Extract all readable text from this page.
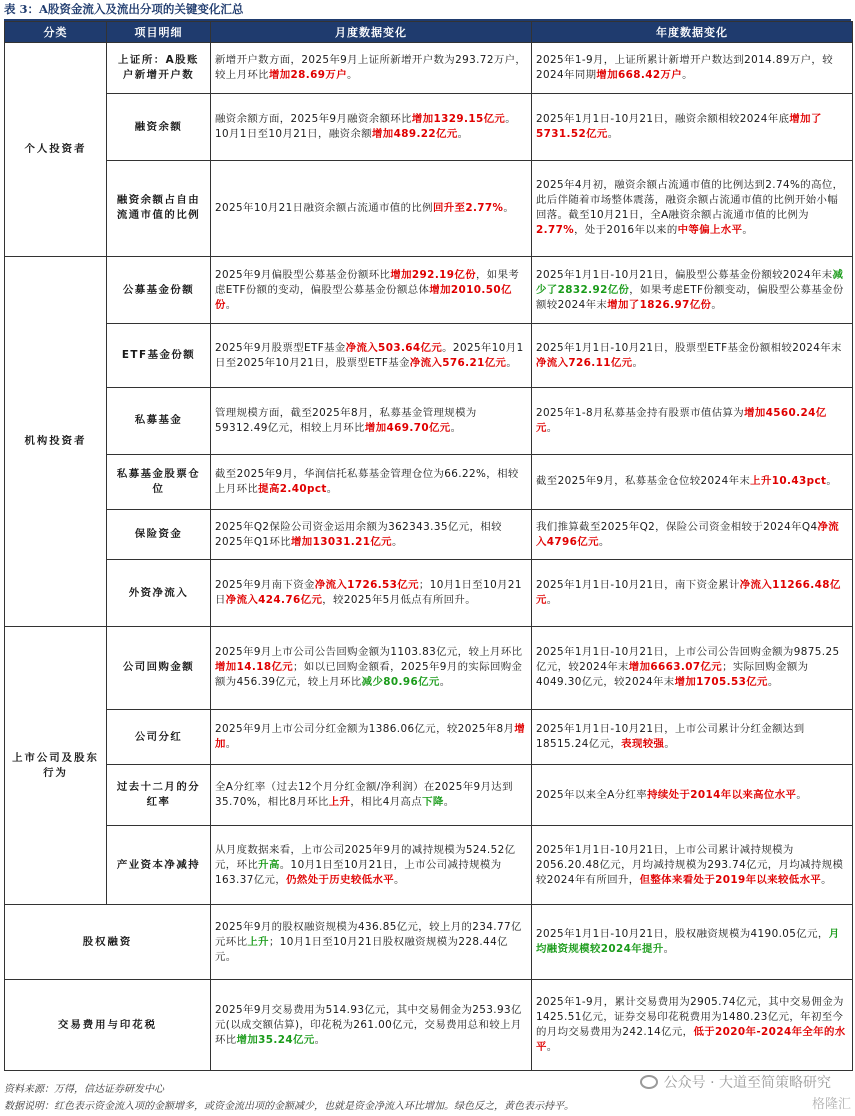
表 3：A股资金流入及流出分项的关键变化汇总
分类	项目明细	月度数据变化	年度数据变化
个人投资者	上证所：A股账户新增开户数	新增开户数方面，2025年9月上证所新增开户数为293.72万户，较上月环比增加28.69万户。	2025年1-9月，上证所累计新增开户数达到2014.89万户，较2024年同期增加668.42万户。
	融资余额	融资余额方面，2025年9月融资余额环比增加1329.15亿元。10月1日至10月21日，融资余额增加489.22亿元。	2025年1月1日-10月21日，融资余额相较2024年底增加了5731.52亿元。
	融资余额占自由流通市值的比例	2025年10月21日融资余额占流通市值的比例回升至2.77%。	2025年4月初，融资余额占流通市值的比例达到2.74%的高位，此后伴随着市场整体震荡，融资余额占流通市值的比例开始小幅回落。截至10月21日，全A融资余额占流通市值的比例为2.77%，处于2016年以来的中等偏上水平。
机构投资者	公募基金份额	2025年9月偏股型公募基金份额环比增加292.19亿份，如果考虑ETF份额的变动，偏股型公募基金份额总体增加2010.50亿份。	2025年1月1日-10月21日，偏股型公募基金份额较2024年末减少了2832.92亿份，如果考虑ETF份额变动，偏股型公募基金份额较2024年末增加了1826.97亿份。
	ETF基金份额	2025年9月股票型ETF基金净流入503.64亿元。2025年10月1日至2025年10月21日，股票型ETF基金净流入576.21亿元。	2025年1月1日-10月21日，股票型ETF基金份额相较2024年末净流入726.11亿元。
	私募基金	管理规模方面，截至2025年8月，私募基金管理规模为59312.49亿元，相较上月环比增加469.70亿元。	2025年1-8月私募基金持有股票市值估算为增加4560.24亿元。
	私募基金股票仓位	截至2025年9月，华润信托私募基金管理仓位为66.22%，相较上月环比提高2.40pct。	截至2025年9月，私募基金仓位较2024年末上升10.43pct。
	保险资金	2025年Q2保险公司资金运用余额为362343.35亿元，相较2025年Q1环比增加13031.21亿元。	我们推算截至2025年Q2，保险公司资金相较于2024年Q4净流入4796亿元。
	外资净流入	2025年9月南下资金净流入1726.53亿元；10月1日至10月21日净流入424.76亿元，较2025年5月低点有所回升。	2025年1月1日-10月21日，南下资金累计净流入11266.48亿元。
上市公司及股东行为	公司回购金额	2025年9月上市公司公告回购金额为1103.83亿元，较上月环比增加14.18亿元；如以已回购金额看，2025年9月的实际回购金额为456.39亿元，较上月环比减少80.96亿元。	2025年1月1日-10月21日，上市公司公告回购金额为9875.25亿元，较2024年末增加6663.07亿元；实际回购金额为4049.30亿元，较2024年末增加1705.53亿元。
	公司分红	2025年9月上市公司分红金额为1386.06亿元，较2025年8月增加。	2025年1月1日-10月21日，上市公司累计分红金额达到18515.24亿元，表现较强。
	过去十二月的分红率	全A分红率（过去12个月分红金额/净利润）在2025年9月达到35.70%，相比8月环比上升，相比4月高点下降。	2025年以来全A分红率持续处于2014年以来高位水平。
	产业资本净减持	从月度数据来看，上市公司2025年9月的减持规模为524.52亿元，环比升高。10月1日至10月21日，上市公司减持规模为163.37亿元，仍然处于历史较低水平。	2025年1月1日-10月21日，上市公司累计减持规模为2056.20.48亿元，月均减持规模为293.74亿元，月均减持规模较2024年有所回升，但整体来看处于2019年以来较低水平。
股权融资		2025年9月的股权融资规模为436.85亿元，较上月的234.77亿元环比上升；10月1日至10月21日股权融资规模为228.44亿元。	2025年1月1日-10月21日，股权融资规模为4190.05亿元，月均融资规模较2024年提升。
交易费用与印花税		2025年9月交易费用为514.93亿元，其中交易佣金为253.93亿元(以成交额估算)，印花税为261.00亿元，交易费用总和较上月环比增加35.24亿元。	2025年1-9月，累计交易费用为2905.74亿元，其中交易佣金为1425.51亿元，证券交易印花税费用为1480.23亿元，年初至今的月均交易费用为242.14亿元，低于2020年-2024年全年的水平。
资料来源：万得，信达证券研发中心
数据说明：红色表示资金流入项的金额增多，或资金流出项的金额减少，也就是资金净流入环比增加。绿色反之，黄色表示持平。
公众号 · 大道至简策略研究
格隆汇
